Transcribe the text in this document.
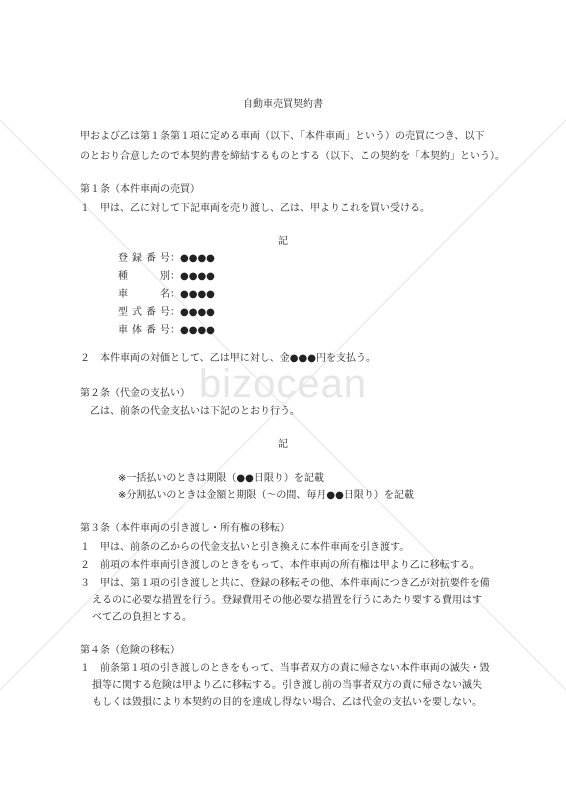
bizocean
自動車売買契約書
甲および乙は第１条第１項に定める車両（以下、「本件車両」という）の売買につき、以下
のとおり合意したので本契約書を締結するものとする（以下、この契約を「本契約」という）。
第１条（本件車両の売買）
１　甲は、乙に対して下記車両を売り渡し、乙は、甲よりこれを買い受ける。
記
登録番号：●●●●
種　　別：●●●●
車　　名：●●●●
型式番号：●●●●
車体番号：●●●●
２　本件車両の対価として、乙は甲に対し、金●●●円を支払う。
第２条（代金の支払い）
乙は、前条の代金支払いは下記のとおり行う。
記
※一括払いのときは期限（●●日限り）を記載
※分割払いのときは金額と期限（〜の間、毎月●●日限り）を記載
第３条（本件車両の引き渡し・所有権の移転）
１　甲は、前条の乙からの代金支払いと引き換えに本件車両を引き渡す。
２　前項の本件車両引き渡しのときをもって、本件車両の所有権は甲より乙に移転する。
３　甲は、第１項の引き渡しと共に、登録の移転その他、本件車両につき乙が対抗要件を備
えるのに必要な措置を行う。登録費用その他必要な措置を行うにあたり要する費用はす
べて乙の負担とする。
第４条（危険の移転）
１　前条第１項の引き渡しのときをもって、当事者双方の責に帰さない本件車両の滅失・毀
損等に関する危険は甲より乙に移転する。引き渡し前の当事者双方の責に帰さない滅失
もしくは毀損により本契約の目的を達成し得ない場合、乙は代金の支払いを要しない。
